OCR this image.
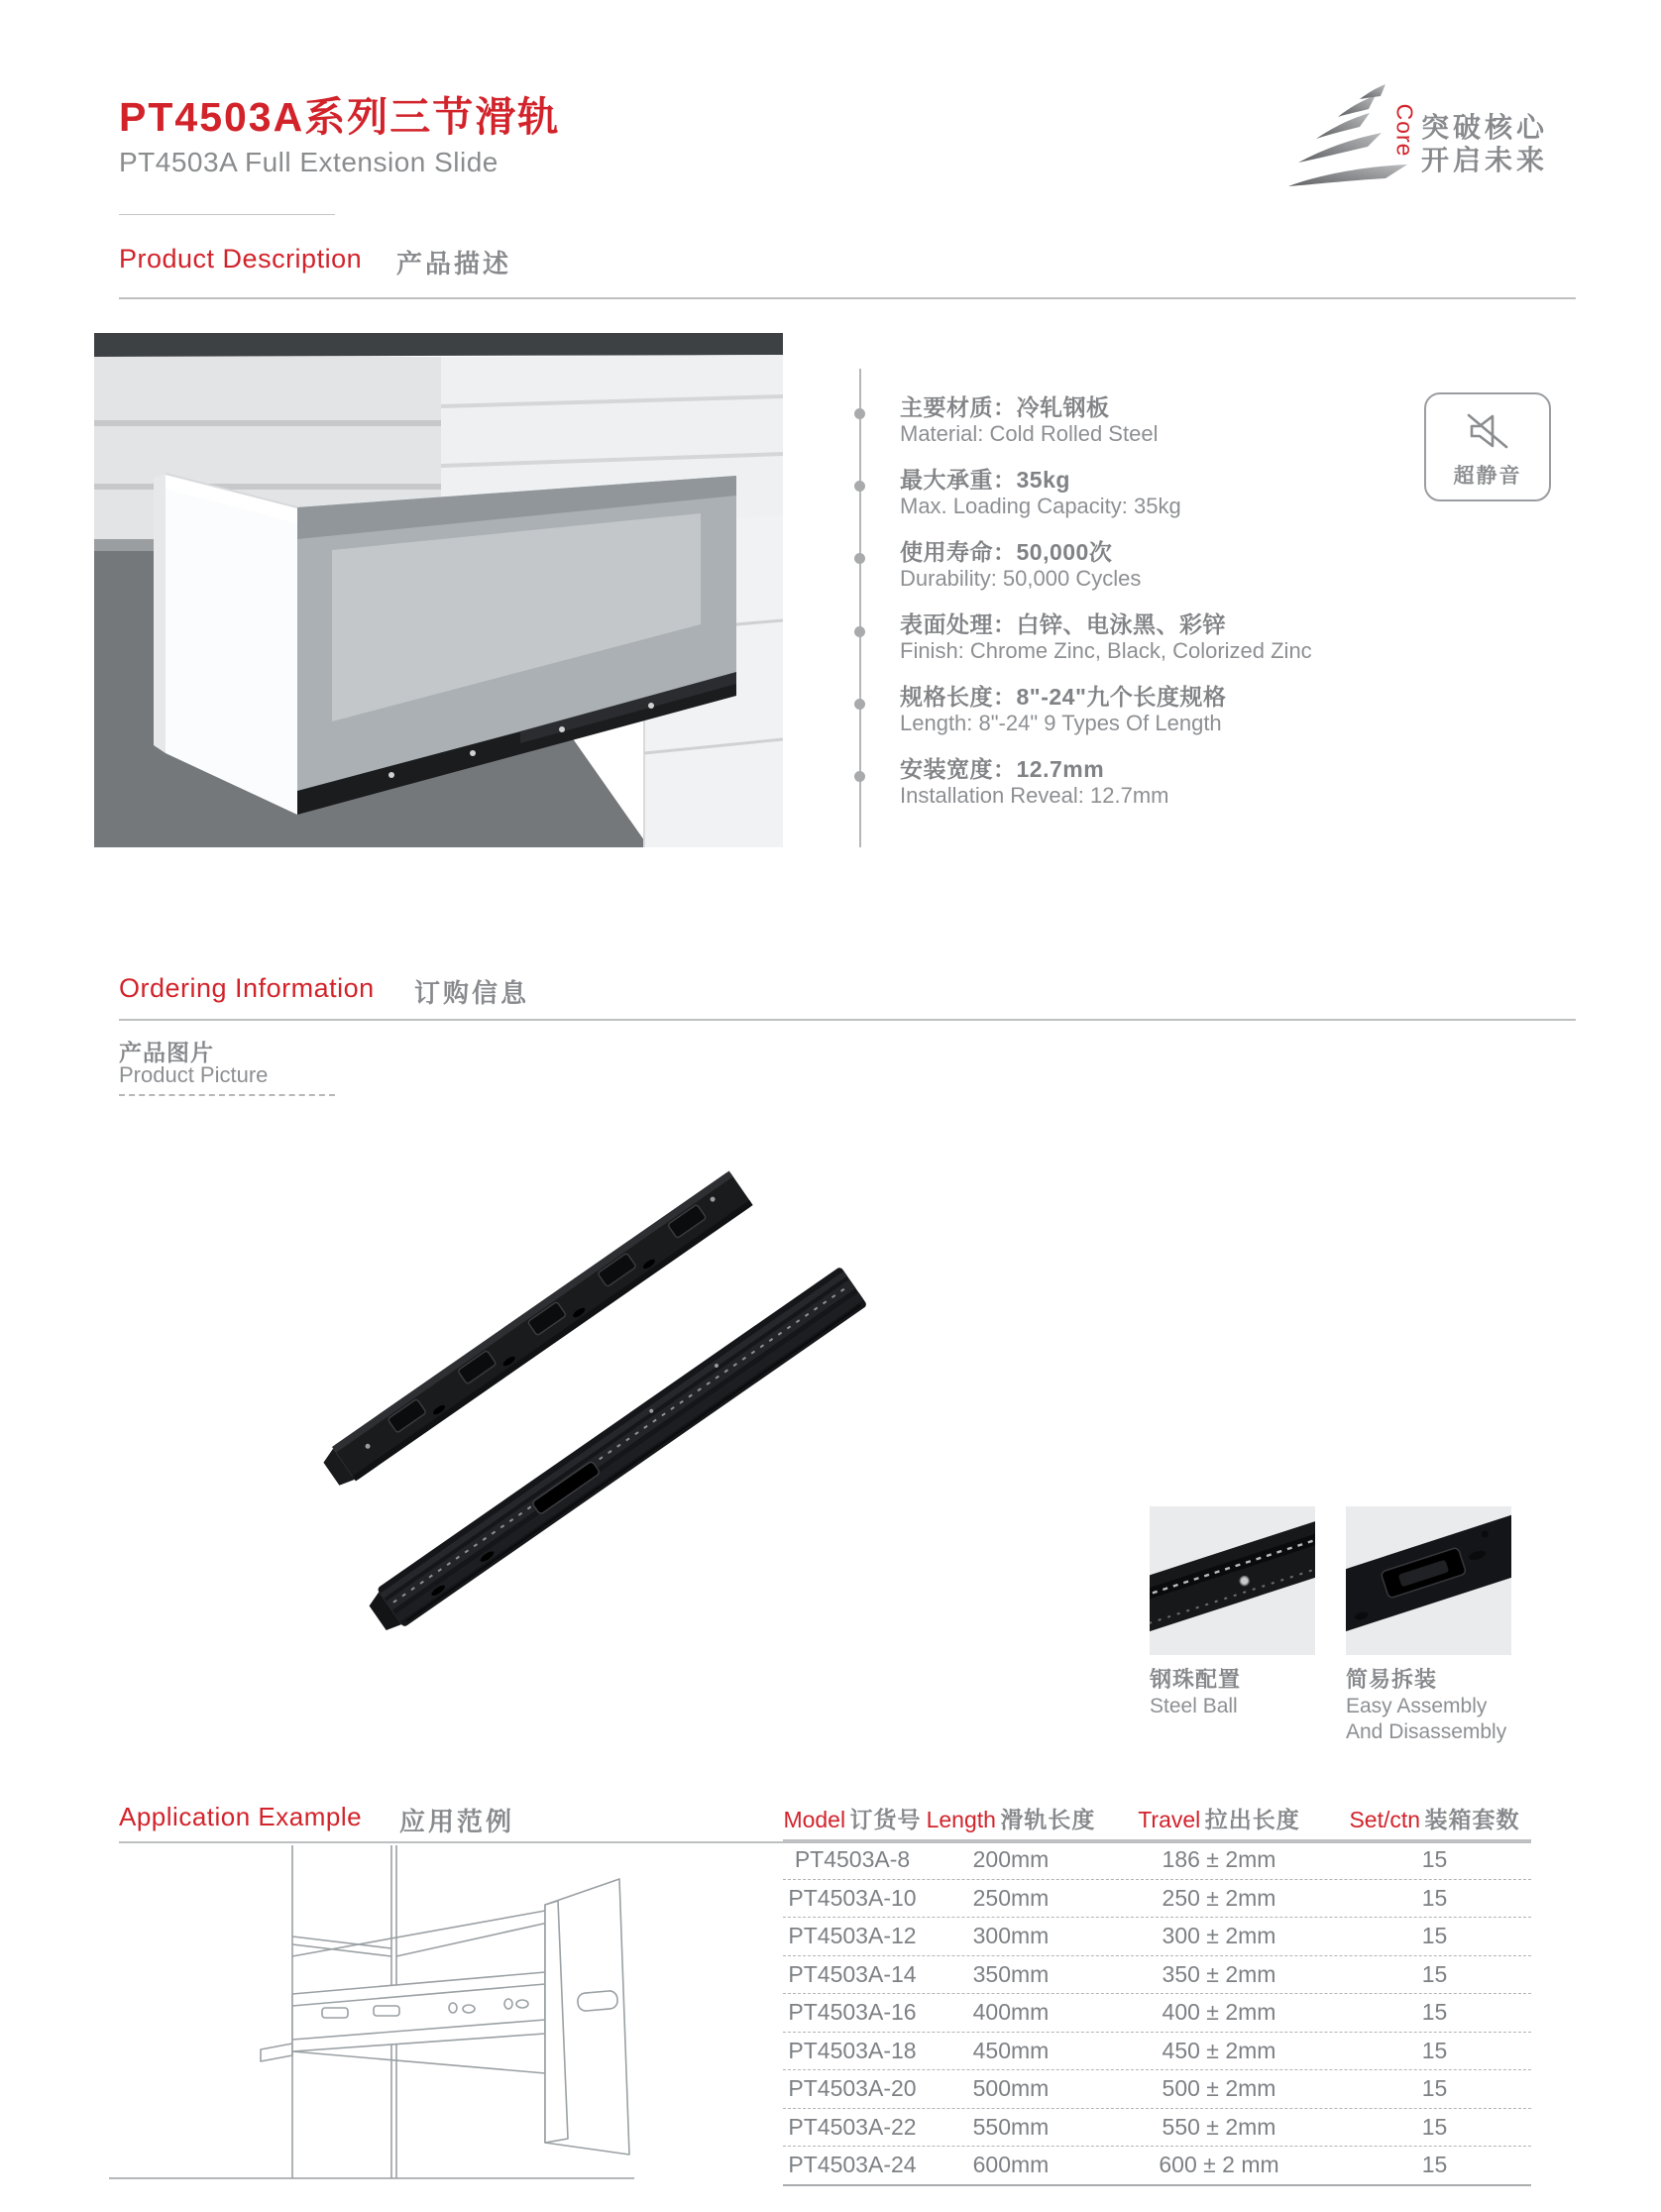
PT4503A系列三节滑轨
PT4503A Full Extension Slide
Core 突破核心
开启未来
Product Description 产品描述
主要材质：冷轧钢板
Material: Cold Rolled Steel
最大承重：35kg
Max. Loading Capacity: 35kg
使用寿命：50,000次
Durability: 50,000 Cycles
表面处理：白锌、电泳黑、彩锌
Finish: Chrome Zinc, Black, Colorized Zinc
规格长度：8"-24"九个长度规格
Length: 8"-24" 9 Types Of Length
安装宽度：12.7mm
Installation Reveal: 12.7mm
超静音
Ordering Information 订购信息
产品图片
Product Picture
钢珠配置
Steel Ball
简易拆装
Easy Assembly And Disassembly
Application Example 应用范例	Model 订货号 Length 滑轨长度	Travel 拉出长度	Set/ctn 装箱套数
PT4503A-8	200mm	186 ± 2mm	15
PT4503A-10	250mm	250 ± 2mm	15
PT4503A-12	300mm	300 ± 2mm	15
PT4503A-14	350mm	350 ± 2mm	15
PT4503A-16	400mm	400 ± 2mm	15
PT4503A-18	450mm	450 ± 2mm	15
PT4503A-20	500mm	500 ± 2mm	15
PT4503A-22	550mm	550 ± 2mm	15
PT4503A-24	600mm	600 ± 2 mm	15
